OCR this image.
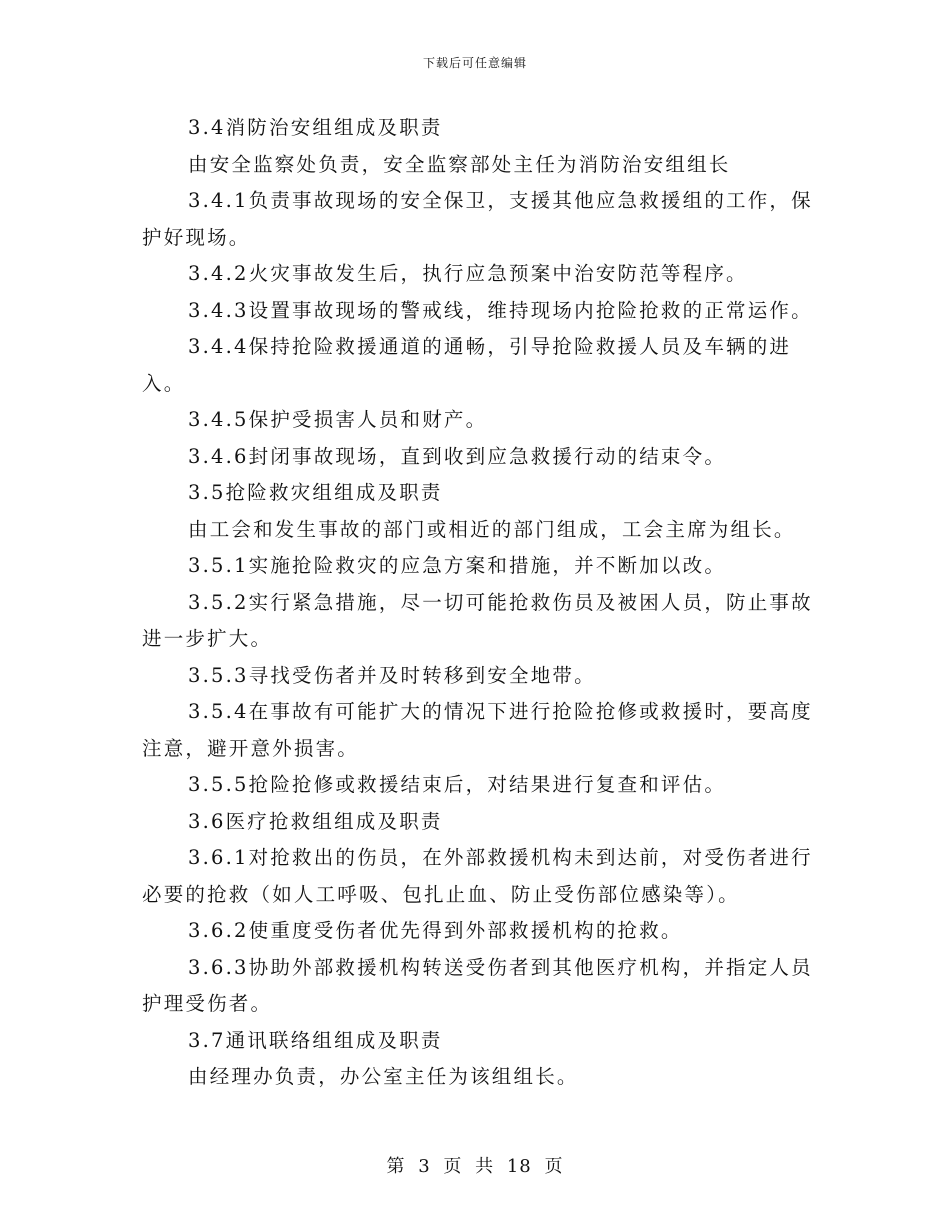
下载后可任意编辑

3.4消防治安组组成及职责

由安全监察处负责，安全监察部处主任为消防治安组组长

3.4.1负责事故现场的安全保卫，支援其他应急救援组的工作，保护好现场。

3.4.2火灾事故发生后，执行应急预案中治安防范等程序。

3.4.3设置事故现场的警戒线，维持现场内抢险抢救的正常运作。

3.4.4保持抢险救援通道的通畅，引导抢险救援人员及车辆的进入。

3.4.5保护受损害人员和财产。

3.4.6封闭事故现场，直到收到应急救援行动的结束令。

3.5抢险救灾组组成及职责

由工会和发生事故的部门或相近的部门组成，工会主席为组长。

3.5.1实施抢险救灾的应急方案和措施，并不断加以改。

3.5.2实行紧急措施，尽一切可能抢救伤员及被困人员，防止事故进一步扩大。

3.5.3寻找受伤者并及时转移到安全地带。

3.5.4在事故有可能扩大的情况下进行抢险抢修或救援时，要高度注意，避开意外损害。

3.5.5抢险抢修或救援结束后，对结果进行复查和评估。

3.6医疗抢救组组成及职责

3.6.1对抢救出的伤员，在外部救援机构未到达前，对受伤者进行必要的抢救（如人工呼吸、包扎止血、防止受伤部位感染等）。

3.6.2使重度受伤者优先得到外部救援机构的抢救。

3.6.3协助外部救援机构转送受伤者到其他医疗机构，并指定人员护理受伤者。

3.7通讯联络组组成及职责

由经理办负责，办公室主任为该组组长。

第 3 页 共 18 页
